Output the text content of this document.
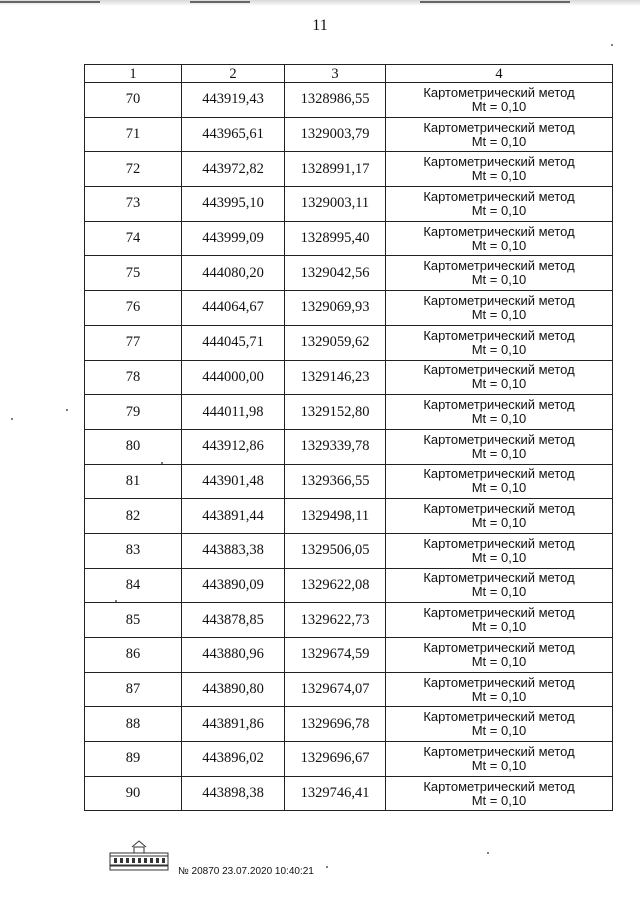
11
1	2	3	4
70	443919,43	1328986,55	Картометрический метод
Mt = 0,10

71	443965,61	1329003,79	Картометрический метод
Mt = 0,10

72	443972,82	1328991,17	Картометрический метод
Mt = 0,10

73	443995,10	1329003,11	Картометрический метод
Mt = 0,10

74	443999,09	1328995,40	Картометрический метод
Mt = 0,10

75	444080,20	1329042,56	Картометрический метод
Mt = 0,10

76	444064,67	1329069,93	Картометрический метод
Mt = 0,10

77	444045,71	1329059,62	Картометрический метод
Mt = 0,10

78	444000,00	1329146,23	Картометрический метод
Mt = 0,10

79	444011,98	1329152,80	Картометрический метод
Mt = 0,10

80	443912,86	1329339,78	Картометрический метод
Mt = 0,10

81	443901,48	1329366,55	Картометрический метод
Mt = 0,10

82	443891,44	1329498,11	Картометрический метод
Mt = 0,10

83	443883,38	1329506,05	Картометрический метод
Mt = 0,10

84	443890,09	1329622,08	Картометрический метод
Mt = 0,10

85	443878,85	1329622,73	Картометрический метод
Mt = 0,10

86	443880,96	1329674,59	Картометрический метод
Mt = 0,10

87	443890,80	1329674,07	Картометрический метод
Mt = 0,10

88	443891,86	1329696,78	Картометрический метод
Mt = 0,10

89	443896,02	1329696,67	Картометрический метод
Mt = 0,10

90	443898,38	1329746,41	Картометрический метод
Mt = 0,10
№ 20870 23.07.2020 10:40:21
